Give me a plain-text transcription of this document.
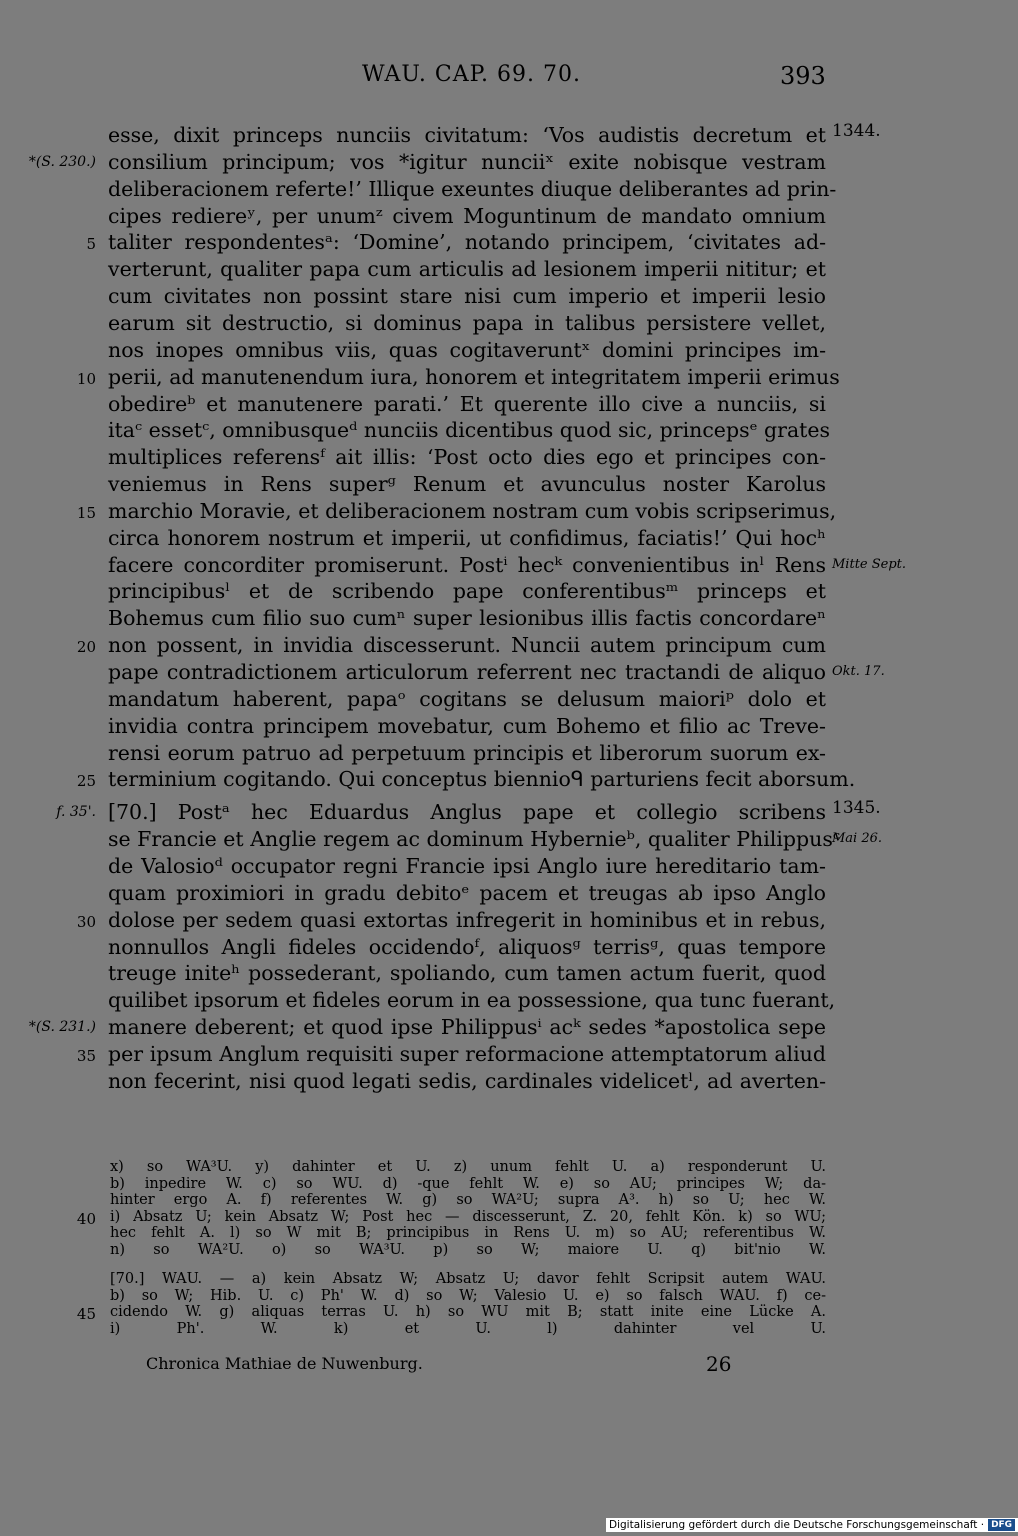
WAU. CAP. 69. 70.	393
esse, dixit princeps nunciis civitatum: ‘Vos audistis decretum et 1344.
consilium principum; vos *igitur nunciiˣ exite nobisque vestram
*(S. 230.)
deliberacionem referte!’ Illique exeuntes diuque deliberantes ad prin-
cipes rediereʸ, per unumᶻ civem Moguntinum de mandato omnium
taliter respondentesᵃ: ‘Domine’, notando principem, ‘civitates ad-
5
verterunt, qualiter papa cum articulis ad lesionem imperii nititur; et
cum civitates non possint stare nisi cum imperio et imperii lesio
earum sit destructio, si dominus papa in talibus persistere vellet,
nos inopes omnibus viis, quas cogitaveruntˣ domini principes im-
perii, ad manutenendum iura, honorem et integritatem imperii erimus
10
obedireᵇ et manutenere parati.’ Et querente illo cive a nunciis, si
itaᶜ essetᶜ, omnibusqueᵈ nunciis dicentibus quod sic, princepsᵉ grates
multiplices referensᶠ ait illis: ‘Post octo dies ego et principes con-
veniemus in Rens superᵍ Renum et avunculus noster Karolus
marchio Moravie, et deliberacionem nostram cum vobis scripserimus,
15
circa honorem nostrum et imperii, ut confidimus, faciatis!’ Qui hocʰ
facere concorditer promiserunt. Postⁱ hecᵏ convenientibus inˡ Rens Mitte Sept.
principibusˡ et de scribendo pape conferentibusᵐ princeps et
Bohemus cum filio suo cumⁿ super lesionibus illis factis concordareⁿ
non possent, in invidia discesserunt. Nuncii autem principum cum
20
pape contradictionem articulorum referrent nec tractandi de aliquo Okt. 17.
mandatum haberent, papaᵒ cogitans se delusum maioriᵖ dolo et
invidia contra principem movebatur, cum Bohemo et filio ac Treve-
rensi eorum patruo ad perpetuum principis et liberorum suorum ex-
terminium cogitando. Qui conceptus biennioᑫ parturiens fecit aborsum.
25
[70.] Postᵃ hec Eduardus Anglus pape et collegio scribens
f. 35'.	1345.
se Francie et Anglie regem ac dominum Hybernieᵇ, qualiter Philippusᶜ
Mai 26.
de Valosioᵈ occupator regni Francie ipsi Anglo iure hereditario tam-
quam proximiori in gradu debitoᵉ pacem et treugas ab ipso Anglo
dolose per sedem quasi extortas infregerit in hominibus et in rebus,
30
nonnullos Angli fideles occidendoᶠ, aliquosᵍ terrisᵍ, quas tempore
treuge initeʰ possederant, spoliando, cum tamen actum fuerit, quod
quilibet ipsorum et fideles eorum in ea possessione, qua tunc fuerant,
manere deberent; et quod ipse Philippusⁱ acᵏ sedes *apostolica sepe
*(S. 231.)
per ipsum Anglum requisiti super reformacione attemptatorum aliud
35
non fecerint, nisi quod legati sedis, cardinales videlicetˡ, ad averten-
x) so WA³U. y) dahinter et U. z) unum fehlt U. a) responderunt U.
b) inpedire W. c) so WU. d) -que fehlt W. e) so AU; principes W; da-
hinter ergo A. f) referentes W. g) so WA²U; supra A³. h) so U; hec W.
i) Absatz U; kein Absatz W; Post hec — discesserunt, Z. 20, fehlt Kön. k) so WU;
40
hec fehlt A. l) so W mit B; principibus in Rens U. m) so AU; referentibus W.
n) so WA²U. o) so WA³U. p) so W; maiore U. q) bit'nio W.
[70.] WAU. — a) kein Absatz W; Absatz U; davor fehlt Scripsit autem WAU.
b) so W; Hib. U. c) Ph' W. d) so W; Valesio U. e) so falsch WAU. f) ce-
cidendo W. g) aliquas terras U. h) so WU mit B; statt inite eine Lücke A.
45
i) Ph'. W. k) et U. l) dahinter vel U.
Chronica Mathiae de Nuwenburg.	26
Digitalisierung gefördert durch die Deutsche Forschungsgemeinschaft · DFG
